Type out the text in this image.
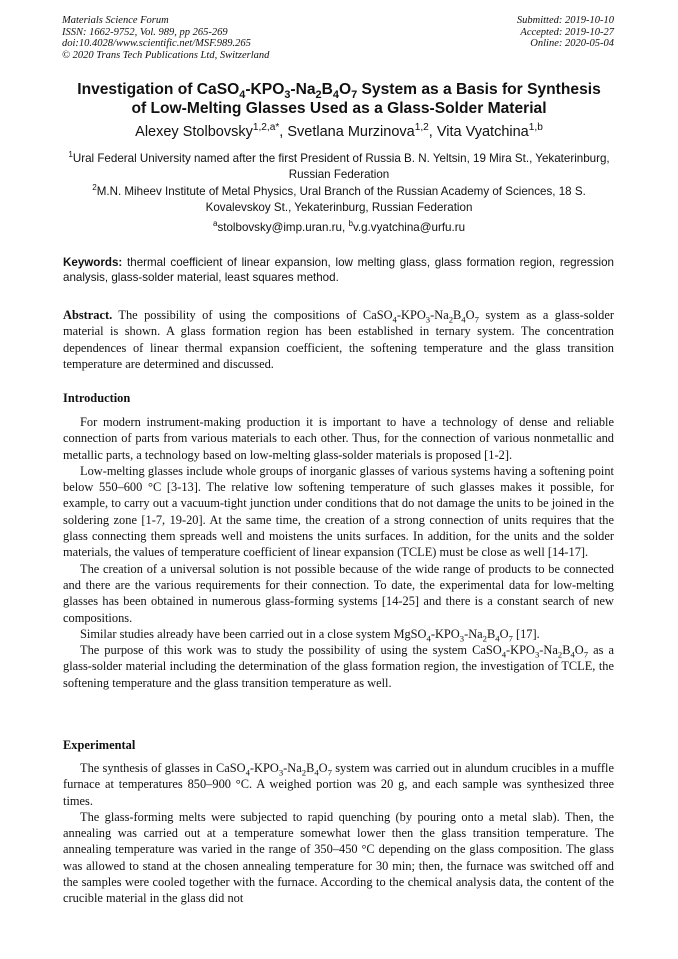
Materials Science Forum
ISSN: 1662-9752, Vol. 989, pp 265-269
doi:10.4028/www.scientific.net/MSF.989.265
© 2020 Trans Tech Publications Ltd, Switzerland
Submitted: 2019-10-10
Accepted: 2019-10-27
Online: 2020-05-04
Investigation of $CaSO_4-KPO_3-Na_2B_4O_7$ System as a Basis for Synthesis
of Low-Melting Glasses Used as a Glass-Solder Material
Alexey Stolbovsky$^{1,2,a*}$, Svetlana Murzinova$^{1,2}$, Vita Vyatchina$^{1,b}$
$^1$Ural Federal University named after the first President of Russia B. N. Yeltsin, 19 Mira St., Yekaterinburg, Russian Federation
$^2$M.N. Miheev Institute of Metal Physics, Ural Branch of the Russian Academy of Sciences, 18 S. Kovalevskoy St., Yekaterinburg, Russian Federation
$^a$stolbovsky@imp.uran.ru, $^b$v.g.vyatchina@urfu.ru
Keywords: thermal coefficient of linear expansion, low melting glass, glass formation region, regression analysis, glass-solder material, least squares method.
Abstract. The possibility of using the compositions of $CaSO_4-KPO_3-Na_2B_4O_7$ system as a glass-solder material is shown. A glass formation region has been established in ternary system. The concentration dependences of linear thermal expansion coefficient, the softening temperature and the glass transition temperature are determined and discussed.
Introduction

For modern instrument-making production it is important to have a technology of dense and reliable connection of parts from various materials to each other. Thus, for the connection of various nonmetallic and metallic parts, a technology based on low-melting glass-solder materials is proposed [1-2].

Low-melting glasses include whole groups of inorganic glasses of various systems having a softening point below 550–600 °C [3-13]. The relative low softening temperature of such glasses makes it possible, for example, to carry out a vacuum-tight junction under conditions that do not damage the units to be joined in the soldering zone [1-7, 19-20]. At the same time, the creation of a strong connection of units requires that the glass connecting them spreads well and moistens the units surfaces. In addition, for the units and the solder materials, the values of temperature coefficient of linear expansion (TCLE) must be close as well [14-17].

The creation of a universal solution is not possible because of the wide range of products to be connected and there are the various requirements for their connection. To date, the experimental data for low-melting glasses has been obtained in numerous glass-forming systems [14-25] and there is a constant search of new compositions.

Similar studies already have been carried out in a close system $MgSO_4-KPO_3-Na_2B_4O_7$ [17].

The purpose of this work was to study the possibility of using the system $CaSO_4-KPO_3-Na_2B_4O_7$ as a glass-solder material including the determination of the glass formation region, the investigation of TCLE, the softening temperature and the glass transition temperature as well.

Experimental

The synthesis of glasses in $CaSO_4-KPO_3-Na_2B_4O_7$ system was carried out in alundum crucibles in a muffle furnace at temperatures 850–900 °C. A weighed portion was 20 g, and each sample was synthesized three times.

The glass-forming melts were subjected to rapid quenching (by pouring onto a metal slab). Then, the annealing was carried out at a temperature somewhat lower then the glass transition temperature. The annealing temperature was varied in the range of 350–450 °C depending on the glass composition. The glass was allowed to stand at the chosen annealing temperature for 30 min; then, the furnace was switched off and the samples were cooled together with the furnace. According to the chemical analysis data, the content of the crucible material in the glass did not
